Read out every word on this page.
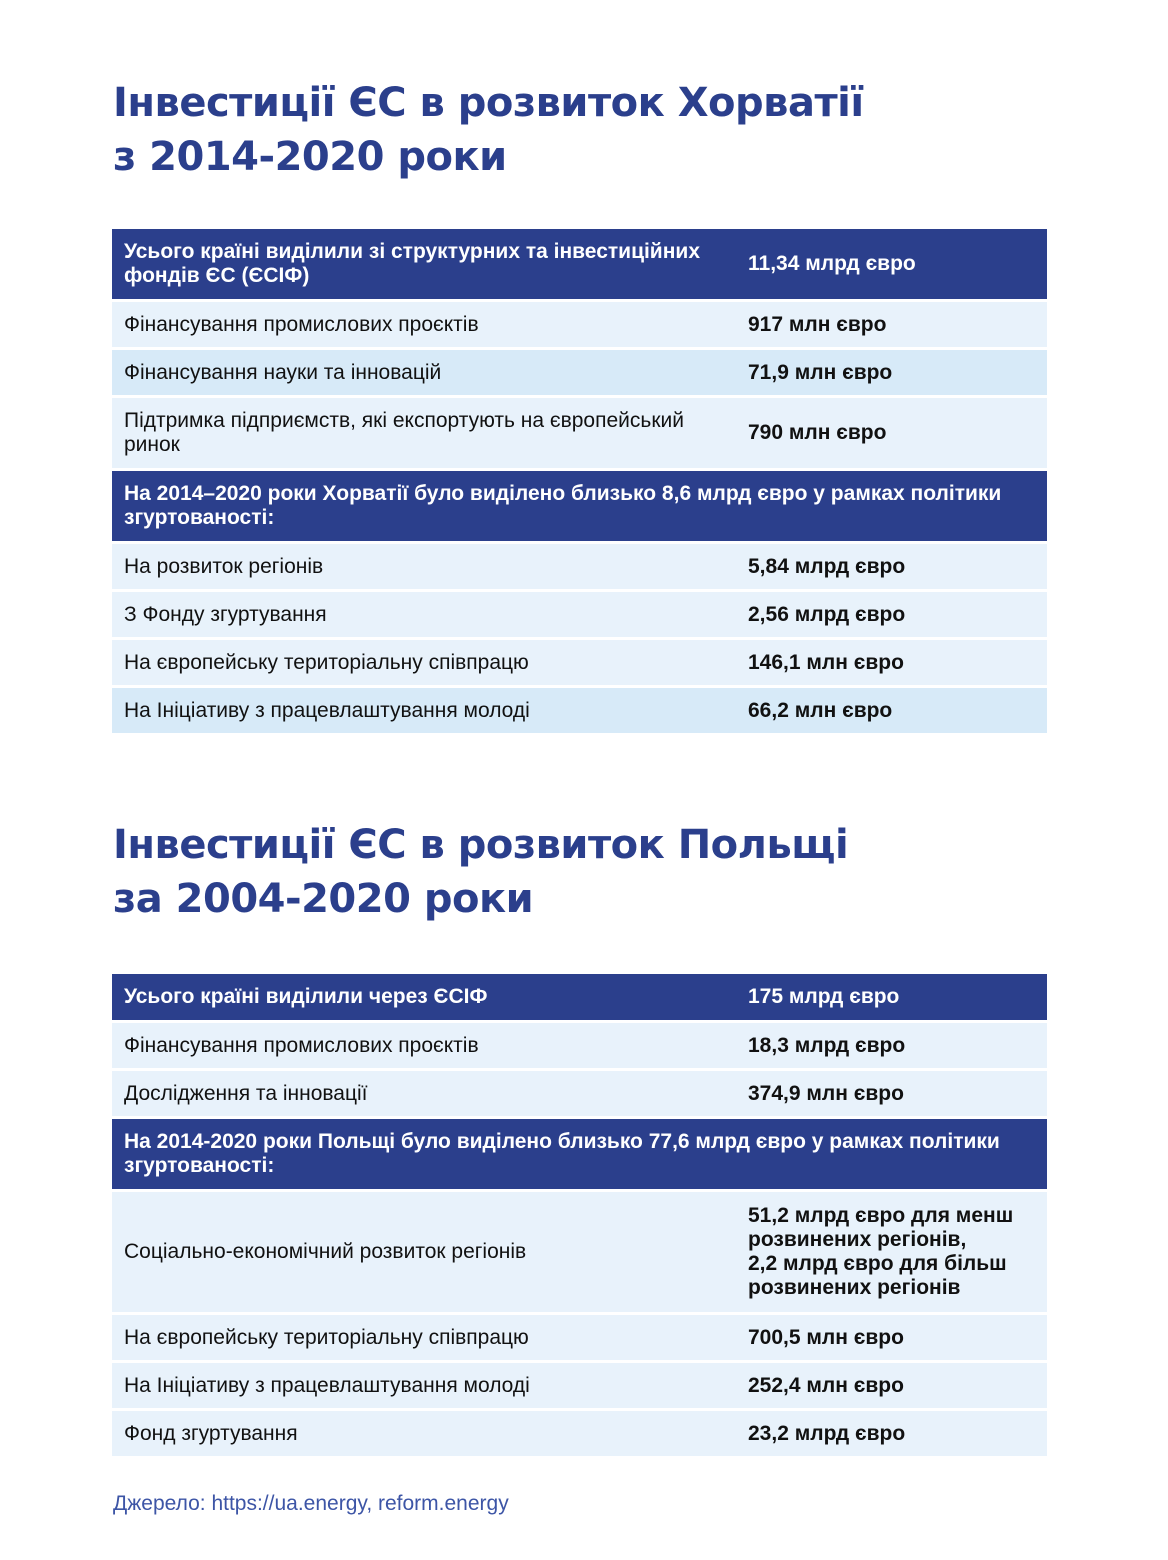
Інвестиції ЄС в розвиток Хорватії
з 2014-2020 роки
Усього країні виділили зі структурних та інвестиційних фондів ЄС (ЄСІФ)	11,34 млрд євро
Фінансування промислових проєктів	917 млн євро
Фінансування науки та інновацій	71,9 млн євро
Підтримка підприємств, які експортують на європейський ринок	790 млн євро
На 2014–2020 роки Хорватії було виділено близько 8,6 млрд євро у рамках політики згуртованості:	
На розвиток регіонів	5,84 млрд євро
З Фонду згуртування	2,56 млрд євро
На європейську територіальну співпрацю	146,1 млн євро
На Ініціативу з працевлаштування молоді	66,2 млн євро
Інвестиції ЄС в розвиток Польщі
за 2004-2020 роки
Усього країні виділили через ЄСІФ	175 млрд євро
Фінансування промислових проєктів	18,3 млрд євро
Дослідження та інновації	374,9 млн євро
На 2014-2020 роки Польщі було виділено близько 77,6 млрд євро у рамках політики згуртованості:	
Соціально-економічний розвиток регіонів	51,2 млрд євро для менш
розвинених регіонів,
2,2 млрд євро для більш
розвинених регіонів

На європейську територіальну співпрацю	700,5 млн євро
На Ініціативу з працевлаштування молоді	252,4 млн євро
Фонд згуртування	23,2 млрд євро

Джерело: https://ua.energy, reform.energy
